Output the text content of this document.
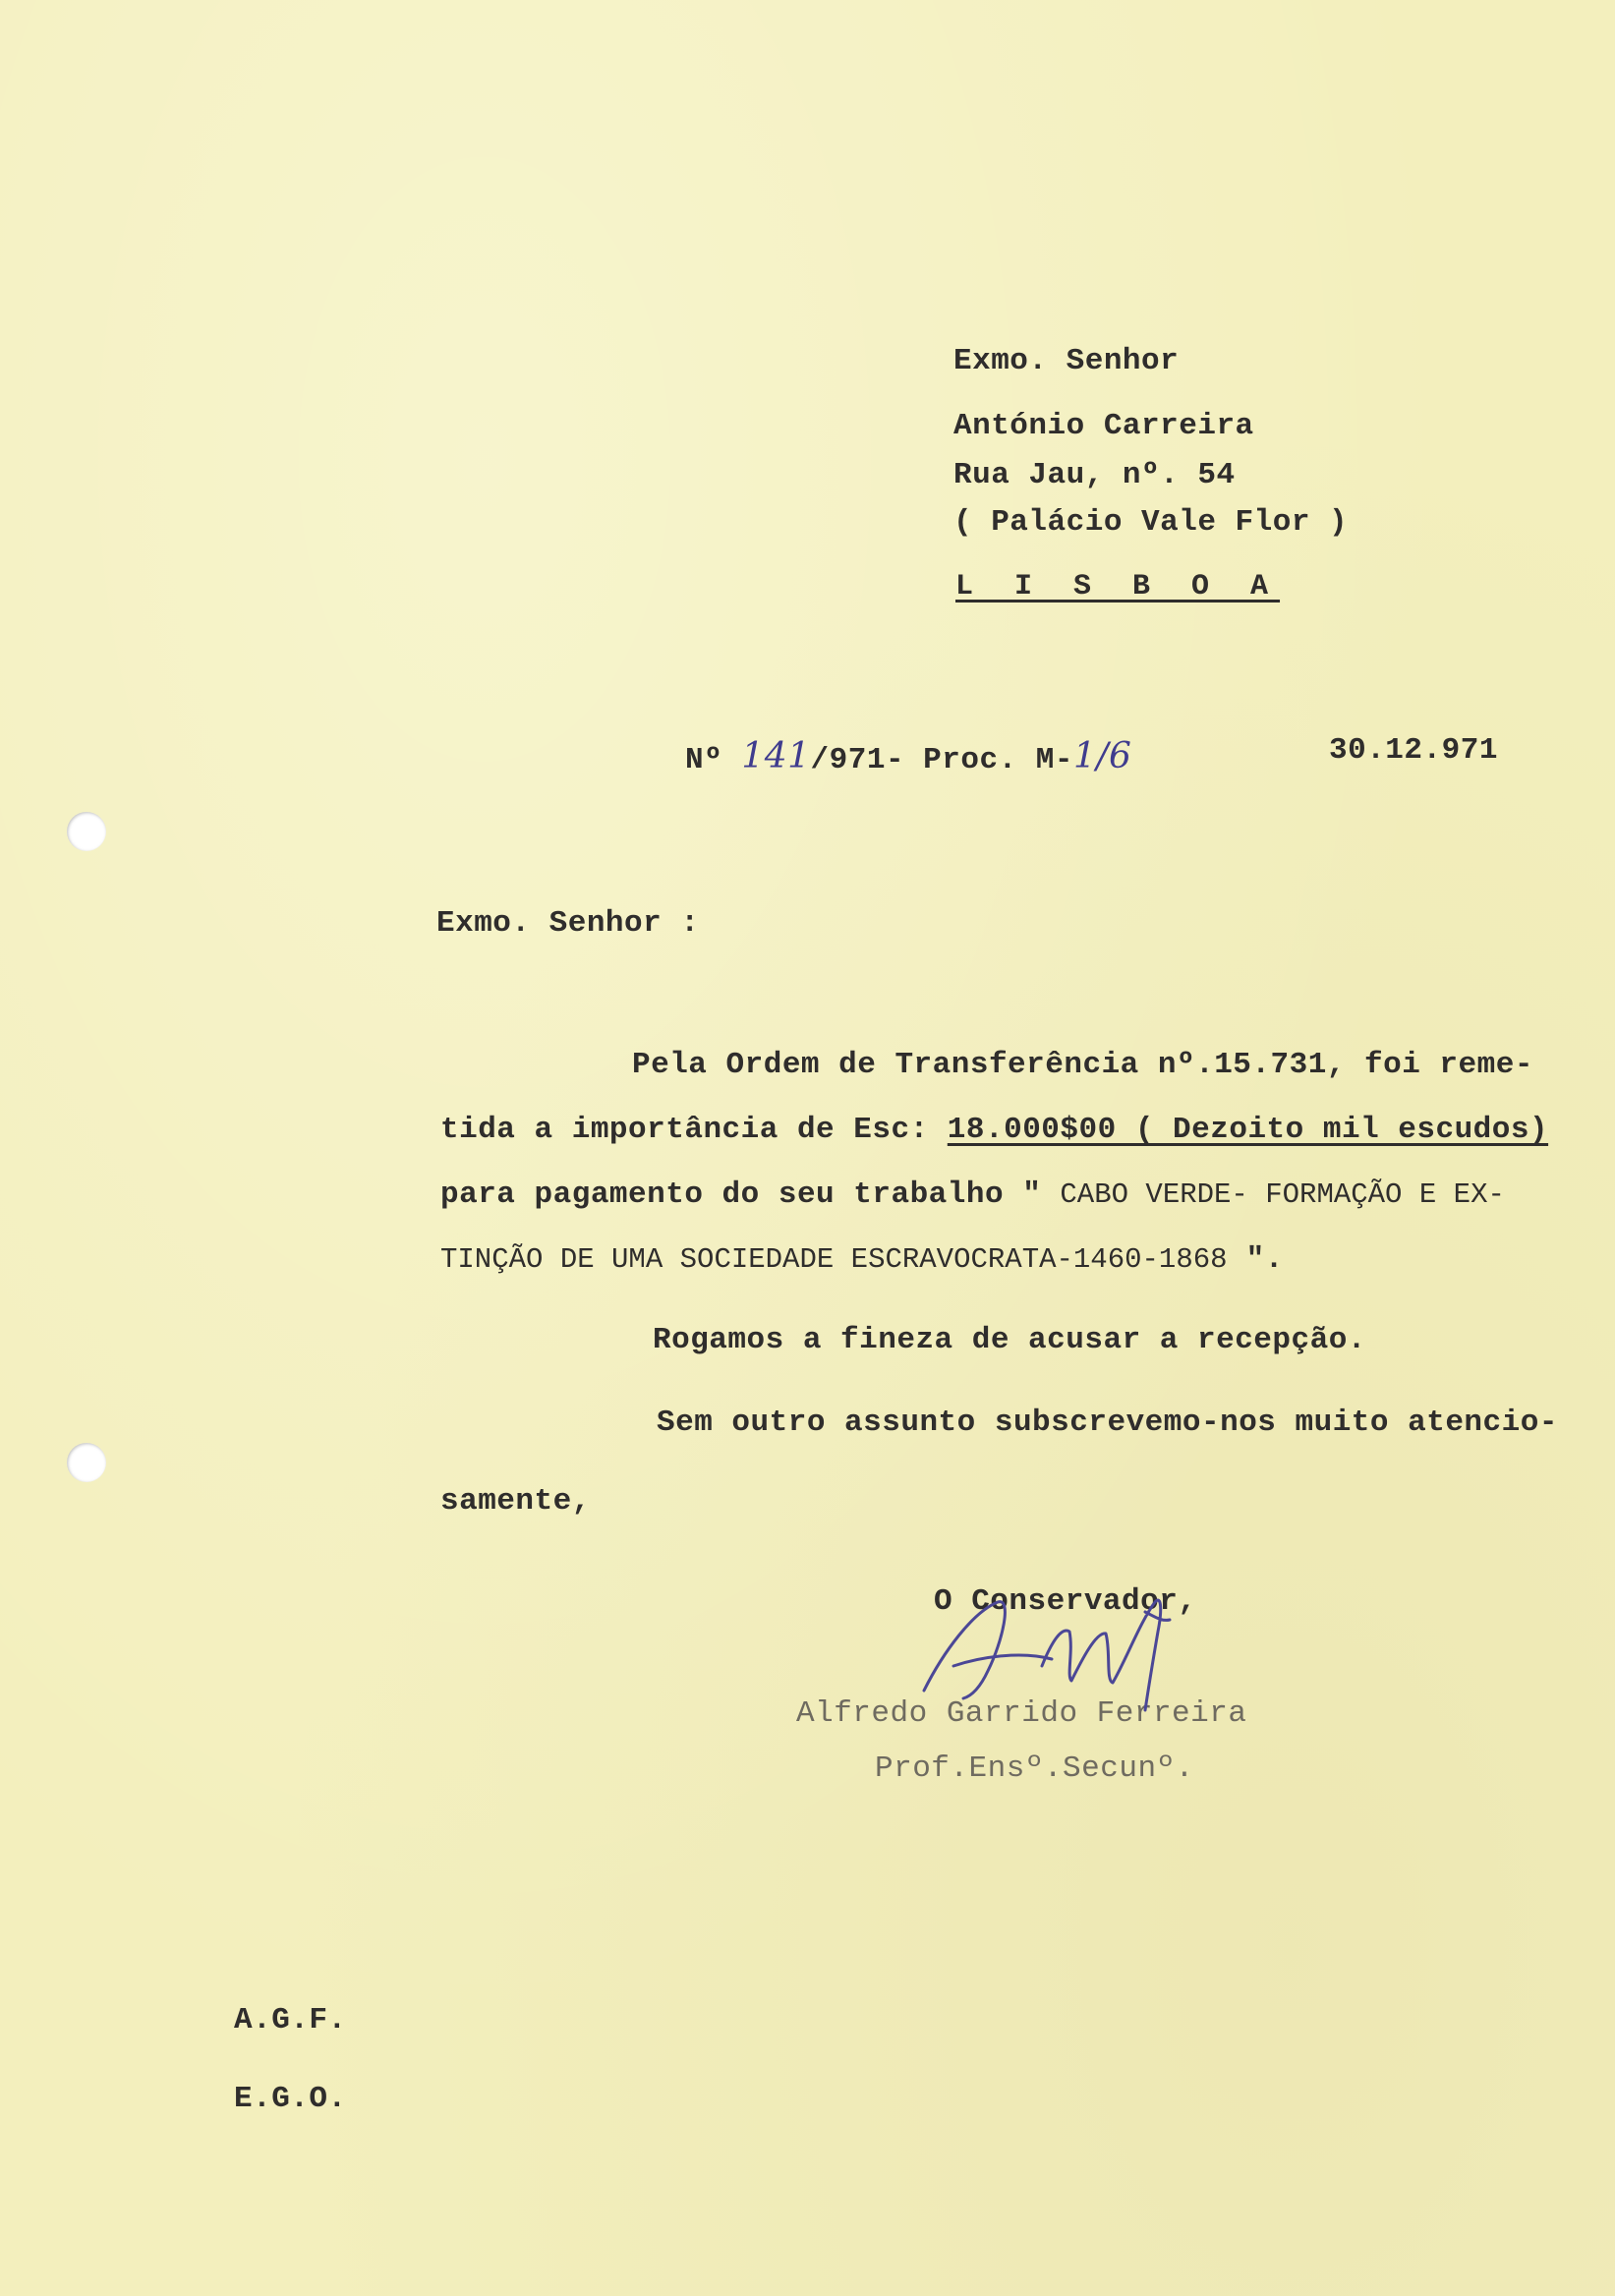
Exmo. Senhor
António Carreira
Rua Jau, nº. 54
( Palácio Vale Flor )
L I S B O A
Nº 141/971- Proc. M-1/6	30.12.971
Exmo. Senhor :
Pela Ordem de Transferência nº.15.731, foi reme-
tida a importância de Esc: 18.000$00 ( Dezoito mil escudos)
para pagamento do seu trabalho " CABO VERDE- FORMAÇÃO E EX-
TINÇÃO DE UMA SOCIEDADE ESCRAVOCRATA-1460-1868 ".
Rogamos a fineza de acusar a recepção.
Sem outro assunto subscrevemo-nos muito atencio-
samente,
O Conservador,
Alfredo Garrido Ferreira
Prof.Ensº.Secunº.
A.G.F.
E.G.O.
